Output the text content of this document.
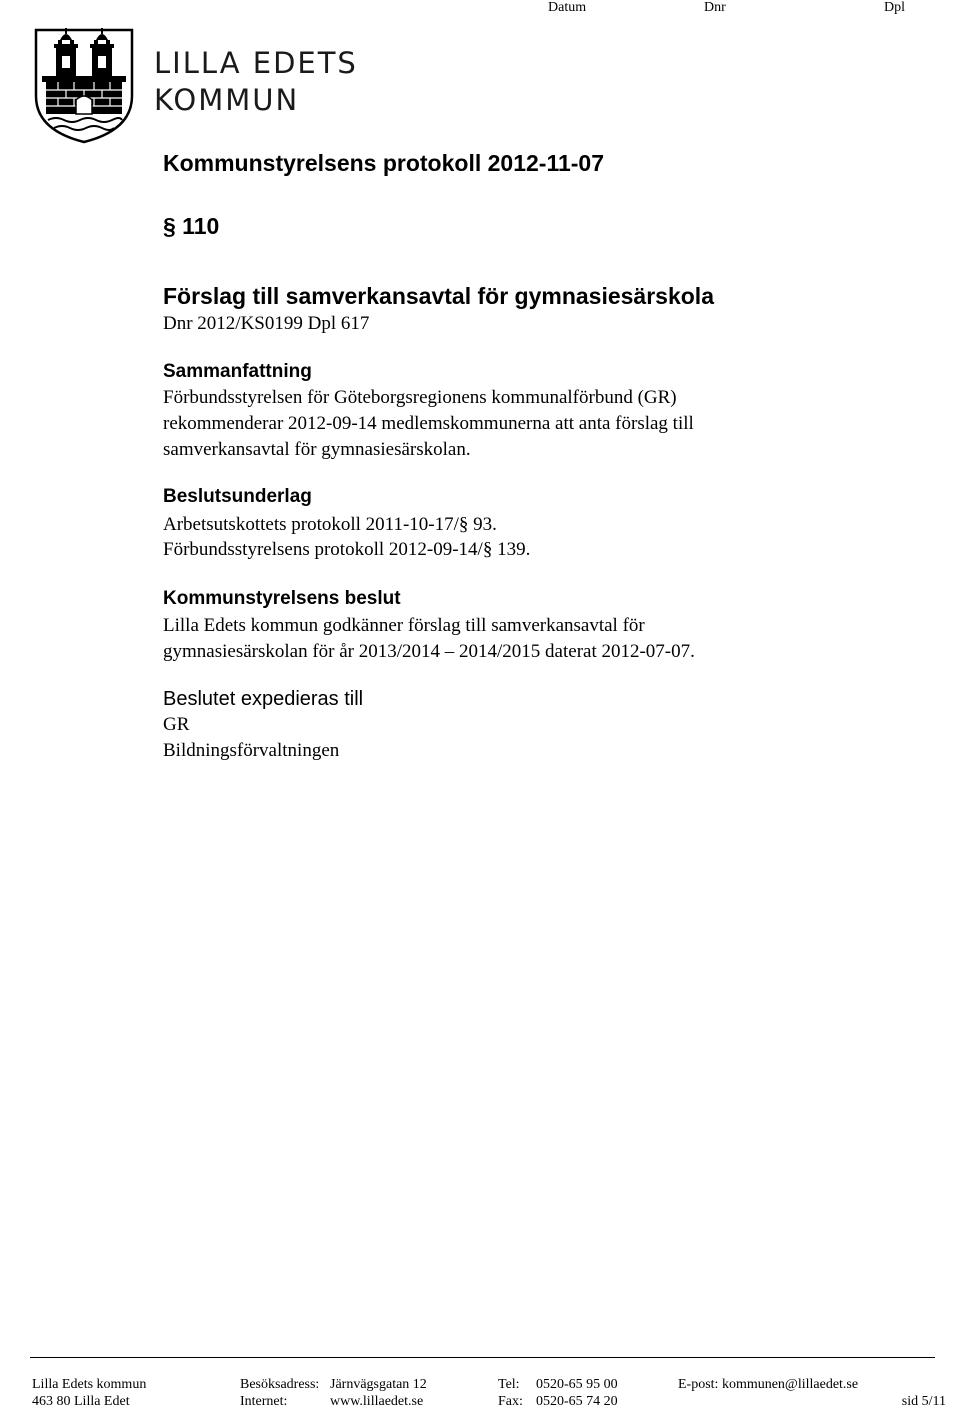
Datum	Dnr	Dpl
LILLA EDETS
KOMMUN
Kommunstyrelsens protokoll 2012-11-07
§ 110
Förslag till samverkansavtal för gymnasiesärskola
Dnr 2012/KS0199 Dpl 617
Sammanfattning
Förbundsstyrelsen för Göteborgsregionens kommunalförbund (GR)
rekommenderar 2012-09-14 medlemskommunerna att anta förslag till
samverkansavtal för gymnasiesärskolan.
Beslutsunderlag
Arbetsutskottets protokoll 2011-10-17/§ 93.
Förbundsstyrelsens protokoll 2012-09-14/§ 139.
Kommunstyrelsens beslut
Lilla Edets kommun godkänner förslag till samverkansavtal för
gymnasiesärskolan för år 2013/2014 – 2014/2015 daterat 2012-07-07.
Beslutet expedieras till
GR
Bildningsförvaltningen
Lilla Edets kommun
463 80 Lilla Edet
Besöksadress: Järnvägsgatan 12
Internet:	www.lillaedet.se
Tel: 0520-65 95 00
Fax: 0520-65 74 20
E-post: kommunen@lillaedet.se
sid 5/11
